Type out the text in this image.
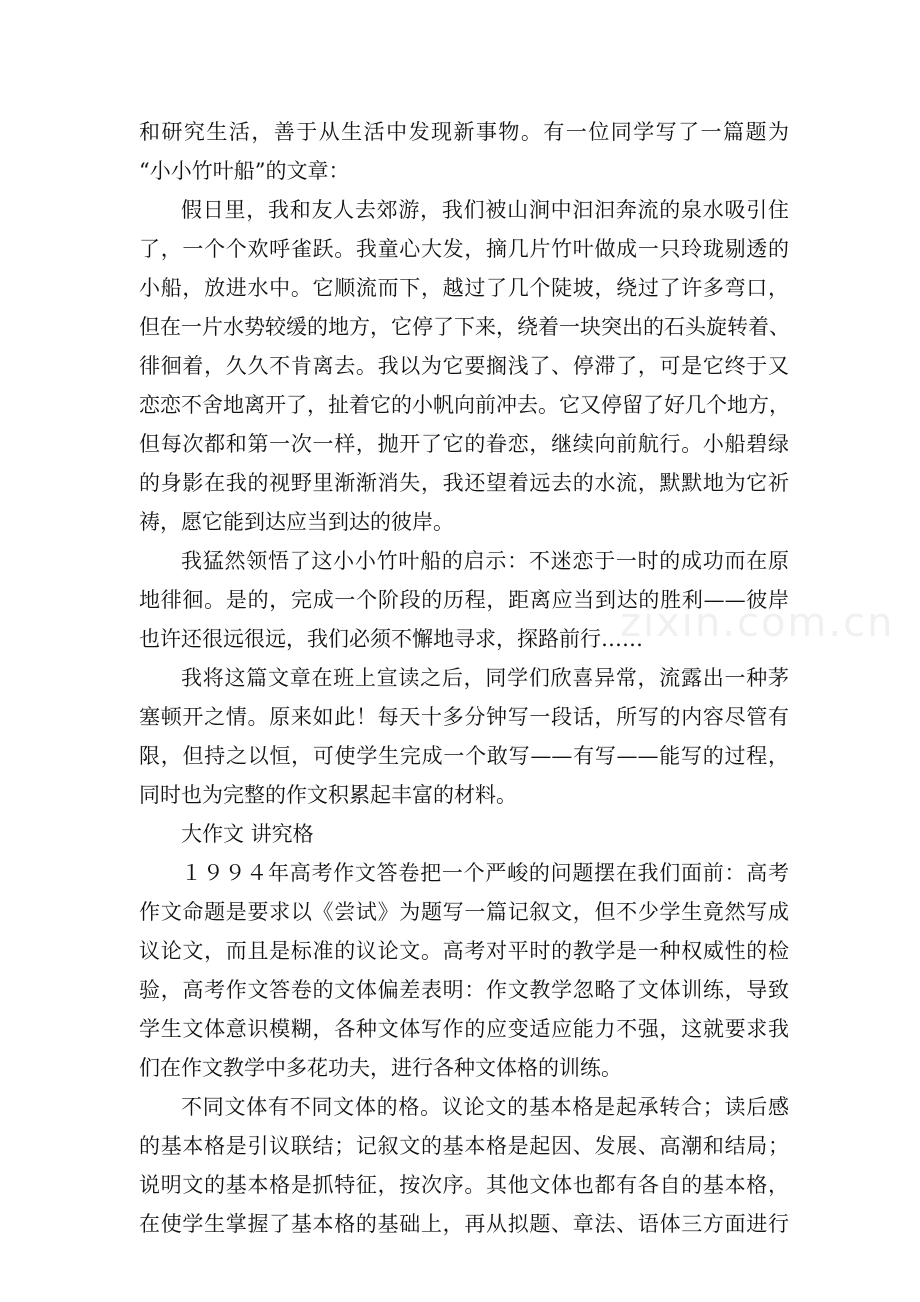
和研究生活，善于从生活中发现新事物。有一位同学写了一篇题为
“小小竹叶船”的文章：
假日里，我和友人去郊游，我们被山涧中汩汩奔流的泉水吸引住
了，一个个欢呼雀跃。我童心大发，摘几片竹叶做成一只玲珑剔透的
小船，放进水中。它顺流而下，越过了几个陡坡，绕过了许多弯口，
但在一片水势较缓的地方，它停了下来，绕着一块突出的石头旋转着、
徘徊着，久久不肯离去。我以为它要搁浅了、停滞了，可是它终于又
恋恋不舍地离开了，扯着它的小帆向前冲去。它又停留了好几个地方，
但每次都和第一次一样，抛开了它的眷恋，继续向前航行。小船碧绿
的身影在我的视野里渐渐消失，我还望着远去的水流，默默地为它祈
祷，愿它能到达应当到达的彼岸。
我猛然领悟了这小小竹叶船的启示：不迷恋于一时的成功而在原
地徘徊。是的，完成一个阶段的历程，距离应当到达的胜利——彼岸
也许还很远很远，我们必须不懈地寻求，探路前行……
我将这篇文章在班上宣读之后，同学们欣喜异常，流露出一种茅
塞顿开之情。原来如此！每天十多分钟写一段话，所写的内容尽管有
限，但持之以恒，可使学生完成一个敢写——有写——能写的过程，
同时也为完整的作文积累起丰富的材料。
大作文 讲究格
１９９４年高考作文答卷把一个严峻的问题摆在我们面前：高考
作文命题是要求以《尝试》为题写一篇记叙文，但不少学生竟然写成
议论文，而且是标准的议论文。高考对平时的教学是一种权威性的检
验，高考作文答卷的文体偏差表明：作文教学忽略了文体训练，导致
学生文体意识模糊，各种文体写作的应变适应能力不强，这就要求我
们在作文教学中多花功夫，进行各种文体格的训练。
不同文体有不同文体的格。议论文的基本格是起承转合；读后感
的基本格是引议联结；记叙文的基本格是起因、发展、高潮和结局；
说明文的基本格是抓特征，按次序。其他文体也都有各自的基本格，
在使学生掌握了基本格的基础上，再从拟题、章法、语体三方面进行
zixin.com.cn
